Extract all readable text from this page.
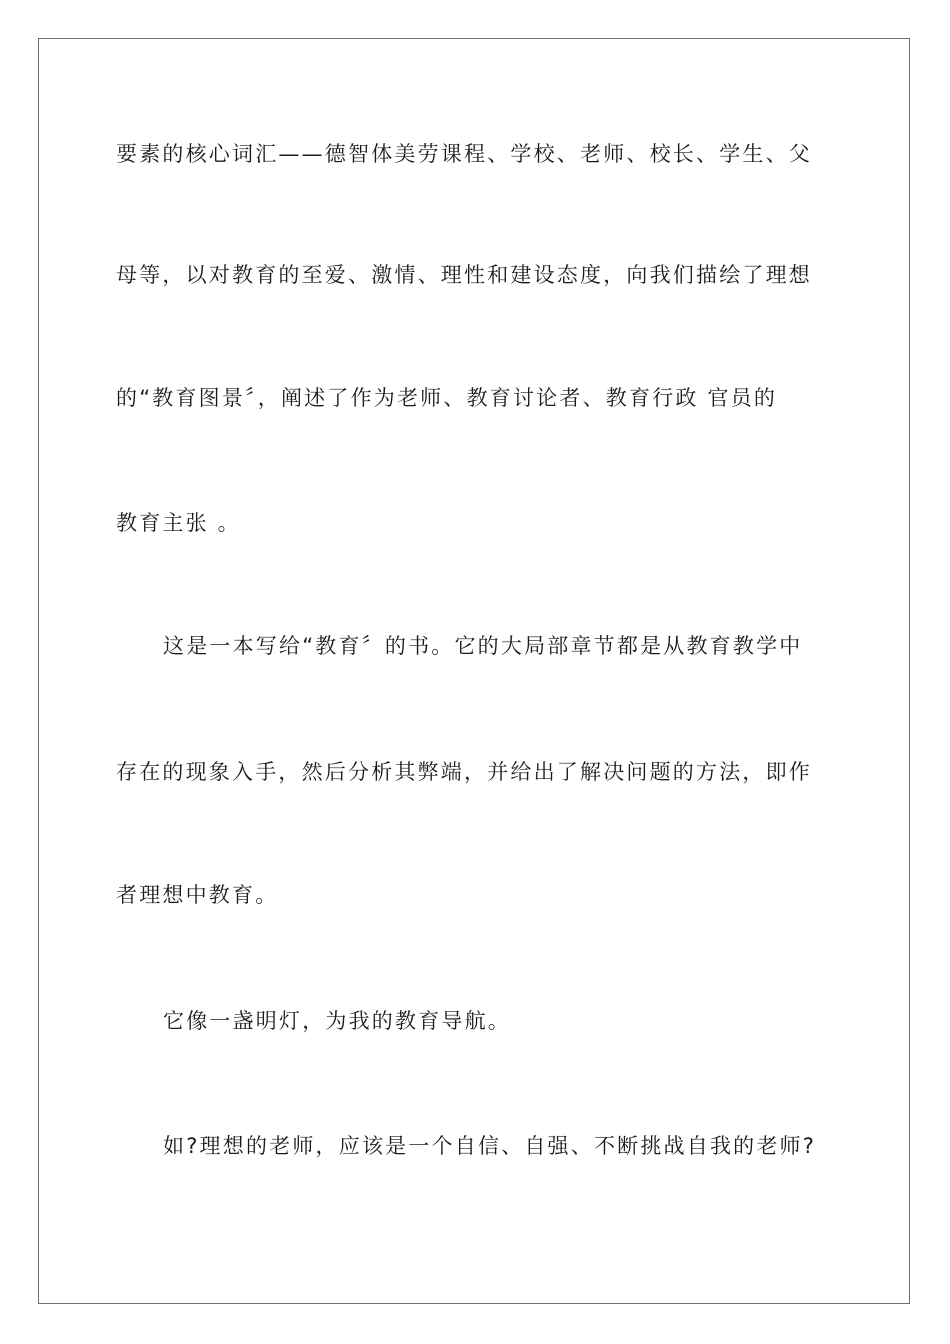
要素的核心词汇——德智体美劳课程、学校、老师、校长、学生、父
母等，以对教育的至爱、激情、理性和建设态度，向我们描绘了理想
的“教育图景〞，阐述了作为老师、教育讨论者、教育行政 官员的
教育主张 。
这是一本写给“教育〞的书。它的大局部章节都是从教育教学中
存在的现象入手，然后分析其弊端，并给出了解决问题的方法，即作
者理想中教育。
它像一盏明灯，为我的教育导航。
如?理想的老师，应该是一个自信、自强、不断挑战自我的老师?
